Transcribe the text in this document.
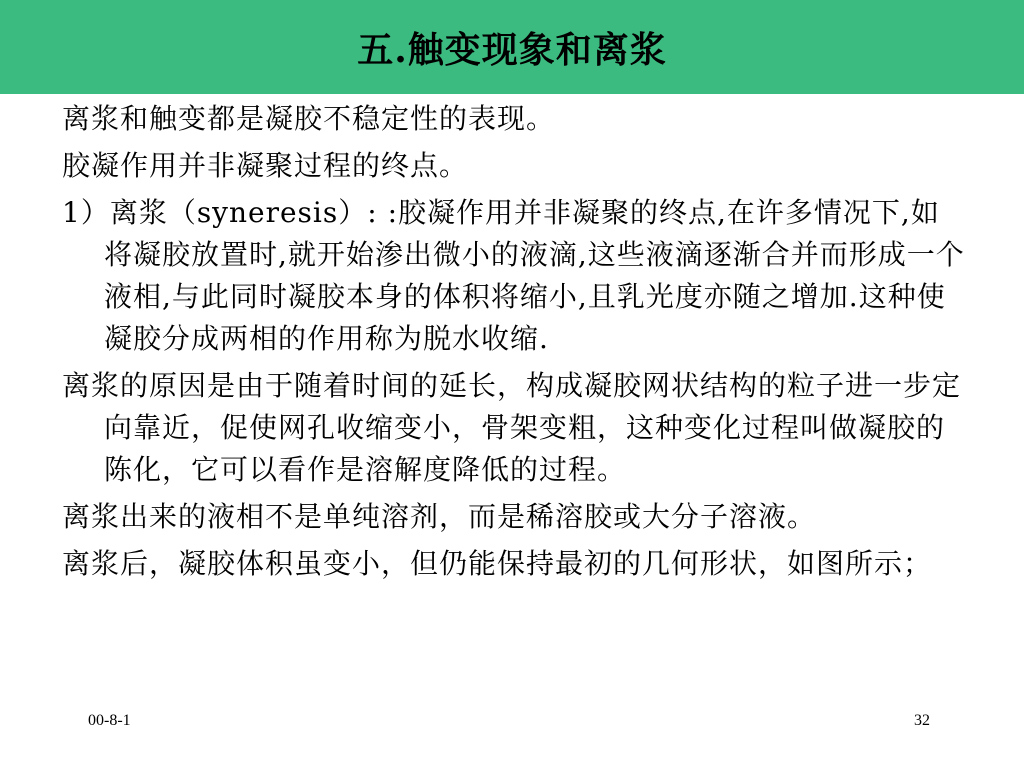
五.触变现象和离浆

离浆和触变都是凝胶不稳定性的表现。

胶凝作用并非凝聚过程的终点。

1）离浆（syneresis）: :胶凝作用并非凝聚的终点,在许多情况下,如将凝胶放置时,就开始渗出微小的液滴,这些液滴逐渐合并而形成一个液相,与此同时凝胶本身的体积将缩小,且乳光度亦随之增加.这种使凝胶分成两相的作用称为脱水收缩.

离浆的原因是由于随着时间的延长，构成凝胶网状结构的粒子进一步定向靠近，促使网孔收缩变小，骨架变粗，这种变化过程叫做凝胶的陈化，它可以看作是溶解度降低的过程。

离浆出来的液相不是单纯溶剂，而是稀溶胶或大分子溶液。

离浆后，凝胶体积虽变小，但仍能保持最初的几何形状，如图所示；

00-8-1	32
